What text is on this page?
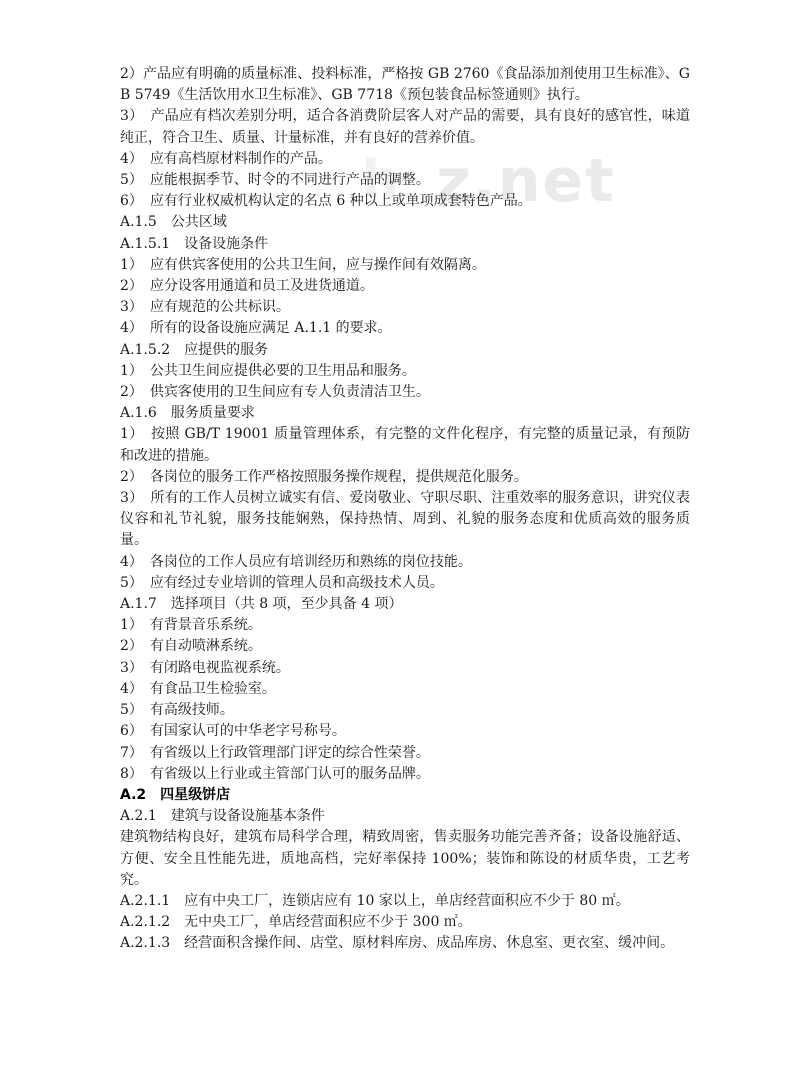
h z.net

2）产品应有明确的质量标准、投料标准，严格按 GB 2760《食品添加剂使用卫生标准》、GB 5749《生活饮用水卫生标准》、GB 7718《预包装食品标签通则》执行。

3）　产品应有档次差别分明，适合各消费阶层客人对产品的需要，具有良好的感官性，味道纯正，符合卫生、质量、计量标准，并有良好的营养价值。

4）　应有高档原材料制作的产品。

5）　应能根据季节、时令的不同进行产品的调整。

6）　应有行业权威机构认定的名点 6 种以上或单项成套特色产品。

A.1.5　公共区域

A.1.5.1　设备设施条件

1）　应有供宾客使用的公共卫生间，应与操作间有效隔离。

2）　应分设客用通道和员工及进货通道。

3）　应有规范的公共标识。

4）　所有的设备设施应满足 A.1.1 的要求。

A.1.5.2　应提供的服务

1）　公共卫生间应提供必要的卫生用品和服务。

2）　供宾客使用的卫生间应有专人负责清洁卫生。

A.1.6　服务质量要求

1）　按照 GB/T 19001 质量管理体系，有完整的文件化程序，有完整的质量记录，有预防和改进的措施。

2）　各岗位的服务工作严格按照服务操作规程，提供规范化服务。

3）　所有的工作人员树立诚实有信、爱岗敬业、守职尽职、注重效率的服务意识，讲究仪表仪容和礼节礼貌，服务技能娴熟，保持热情、周到、礼貌的服务态度和优质高效的服务质量。

4）　各岗位的工作人员应有培训经历和熟练的岗位技能。

5）　应有经过专业培训的管理人员和高级技术人员。

A.1.7　选择项目（共 8 项，至少具备 4 项）

1）　有背景音乐系统。

2）　有自动喷淋系统。

3）　有闭路电视监视系统。

4）　有食品卫生检验室。

5）　有高级技师。

6）　有国家认可的中华老字号称号。

7）　有省级以上行政管理部门评定的综合性荣誉。

8）　有省级以上行业或主管部门认可的服务品牌。

A.2　四星级饼店

A.2.1　建筑与设备设施基本条件

建筑物结构良好，建筑布局科学合理，精致周密，售卖服务功能完善齐备；设备设施舒适、方便、安全且性能先进，质地高档，完好率保持 100%；装饰和陈设的材质华贵，工艺考究。

A.2.1.1　应有中央工厂，连锁店应有 10 家以上，单店经营面积应不少于 80 ㎡。

A.2.1.2　无中央工厂，单店经营面积应不少于 300 ㎡。

A.2.1.3　经营面积含操作间、店堂、原材料库房、成品库房、休息室、更衣室、缓冲间。
